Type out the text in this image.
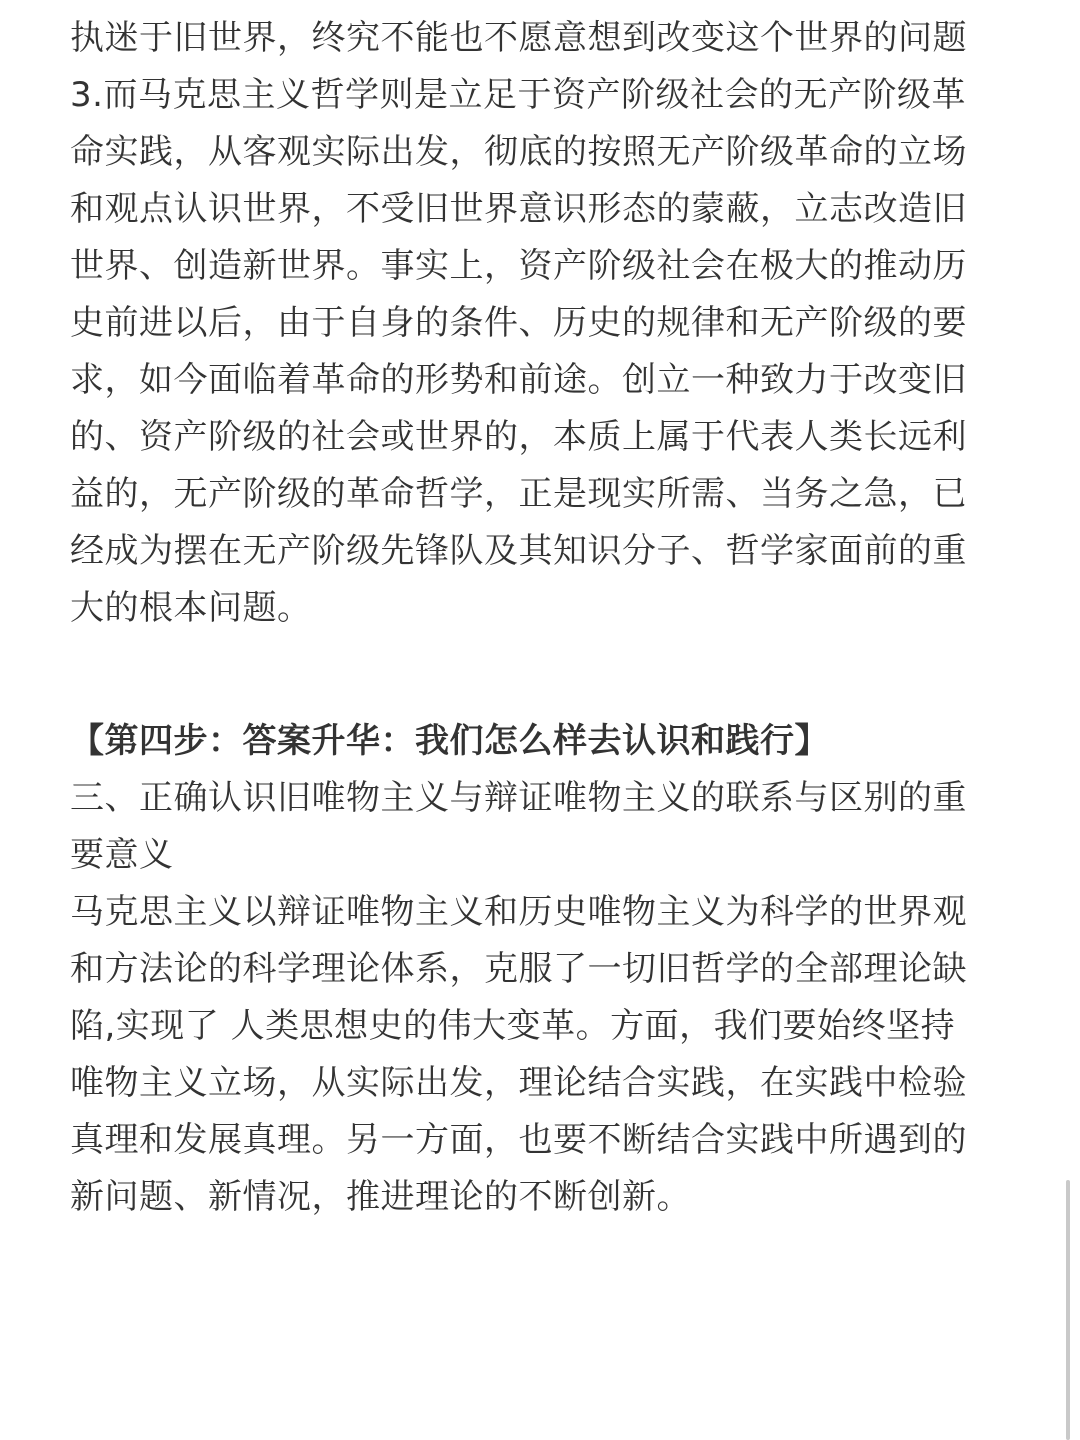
执迷于旧世界，终究不能也不愿意想到改变这个世界的问题
3.而马克思主义哲学则是立足于资产阶级社会的无产阶级革
命实践，从客观实际出发，彻底的按照无产阶级革命的立场
和观点认识世界，不受旧世界意识形态的蒙蔽，立志改造旧
世界、创造新世界。事实上，资产阶级社会在极大的推动历
史前进以后，由于自身的条件、历史的规律和无产阶级的要
求，如今面临着革命的形势和前途。创立一种致力于改变旧
的、资产阶级的社会或世界的，本质上属于代表人类长远利
益的，无产阶级的革命哲学，正是现实所需、当务之急，已
经成为摆在无产阶级先锋队及其知识分子、哲学家面前的重
大的根本问题。
【第四步：答案升华：我们怎么样去认识和践行】
三、正确认识旧唯物主义与辩证唯物主义的联系与区别的重
要意义
马克思主义以辩证唯物主义和历史唯物主义为科学的世界观
和方法论的科学理论体系，克服了一切旧哲学的全部理论缺
陷,实现了 人类思想史的伟大变革。方面，我们要始终坚持
唯物主义立场，从实际出发，理论结合实践，在实践中检验
真理和发展真理。另一方面，也要不断结合实践中所遇到的
新问题、新情况，推进理论的不断创新。
